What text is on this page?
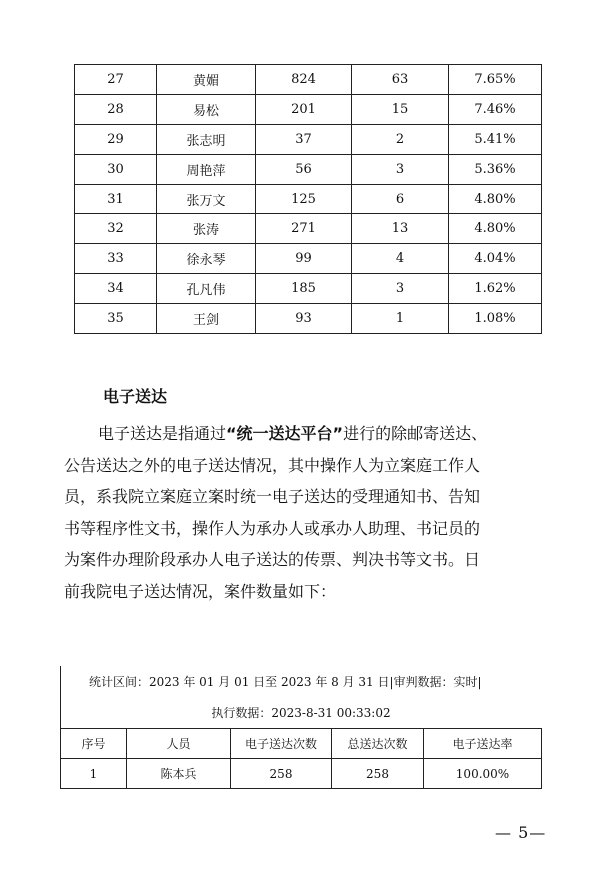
27	黄媚	824	63	7.65%
28	易松	201	15	7.46%
29	张志明	37	2	5.41%
30	周艳萍	56	3	5.36%
31	张万文	125	6	4.80%
32	张涛	271	13	4.80%
33	徐永琴	99	4	4.04%
34	孔凡伟	185	3	1.62%
35	王剑	93	1	1.08%
电子送达

电子送达是指通过“统一送达平台”进行的除邮寄送达、
公告送达之外的电子送达情况，其中操作人为立案庭工作人
员，系我院立案庭立案时统一电子送达的受理通知书、告知
书等程序性文书，操作人为承办人或承办人助理、书记员的
为案件办理阶段承办人电子送达的传票、判决书等文书。日
前我院电子送达情况，案件数量如下：

统计区间：2023 年 01 月 01 日至 2023 年 8 月 31 日|审判数据：实时|
执行数据：2023-8-31 00:33:02
序号	人员	电子送达次数	总送达次数	电子送达率
1	陈本兵	258	258	100.00%
— 5—
